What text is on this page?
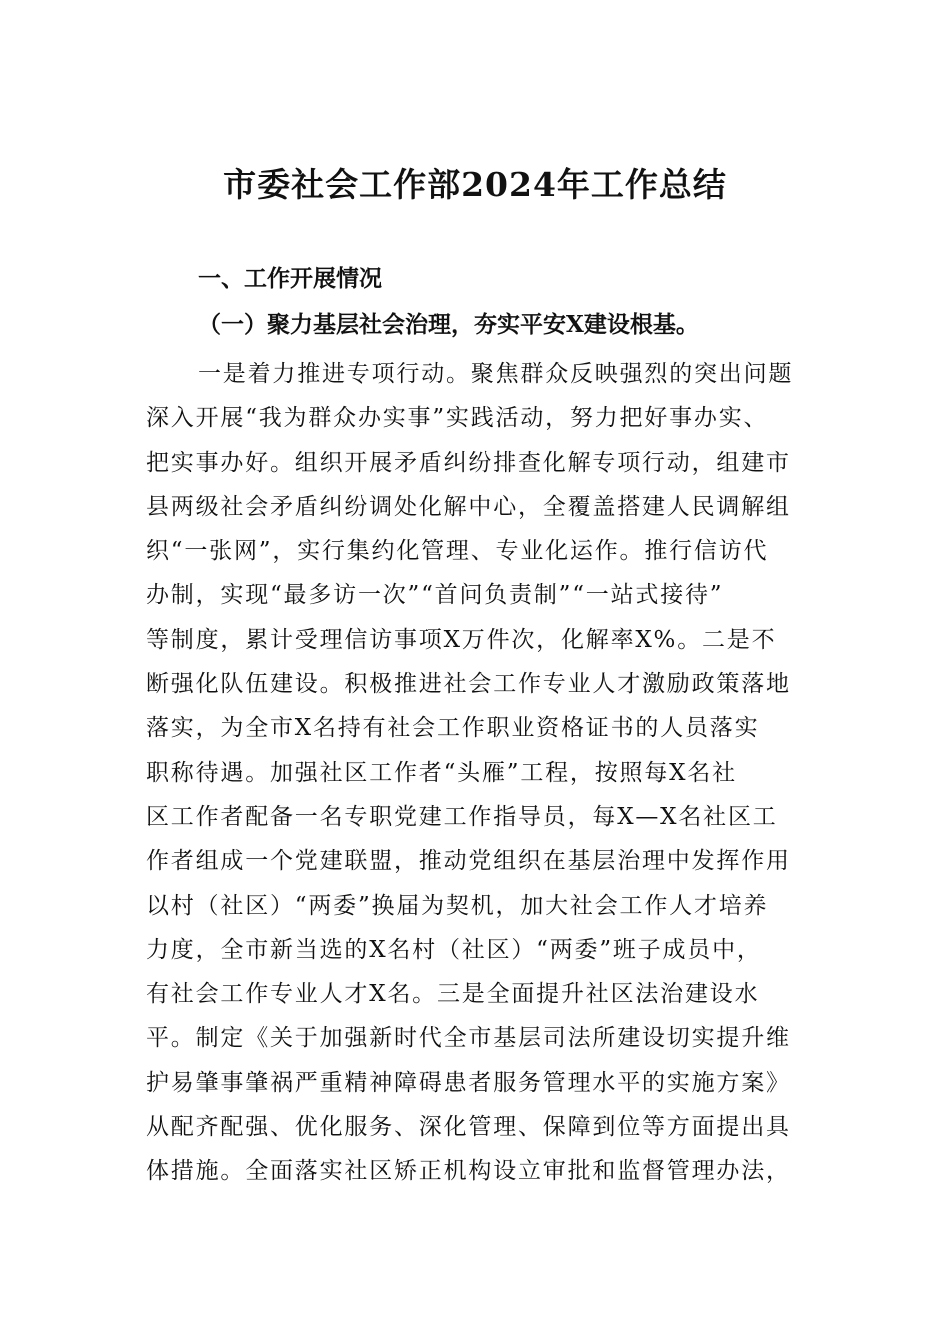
市委社会工作部2024年工作总结
一、工作开展情况
（一）聚力基层社会治理，夯实平安X建设根基。
一是着力推进专项行动。聚焦群众反映强烈的突出问题
深入开展“我为群众办实事”实践活动，努力把好事办实、
把实事办好。组织开展矛盾纠纷排查化解专项行动，组建市
县两级社会矛盾纠纷调处化解中心，全覆盖搭建人民调解组
织“一张网”，实行集约化管理、专业化运作。推行信访代
办制，实现“最多访一次”“首问负责制”“一站式接待”
等制度，累计受理信访事项X万件次，化解率X%。二是不
断强化队伍建设。积极推进社会工作专业人才激励政策落地
落实，为全市X名持有社会工作职业资格证书的人员落实
职称待遇。加强社区工作者“头雁”工程，按照每X名社
区工作者配备一名专职党建工作指导员，每X—X名社区工
作者组成一个党建联盟，推动党组织在基层治理中发挥作用
以村（社区）“两委”换届为契机，加大社会工作人才培养
力度，全市新当选的X名村（社区）“两委”班子成员中，
有社会工作专业人才X名。三是全面提升社区法治建设水
平。制定《关于加强新时代全市基层司法所建设切实提升维
护易肇事肇祸严重精神障碍患者服务管理水平的实施方案》
从配齐配强、优化服务、深化管理、保障到位等方面提出具
体措施。全面落实社区矫正机构设立审批和监督管理办法，
